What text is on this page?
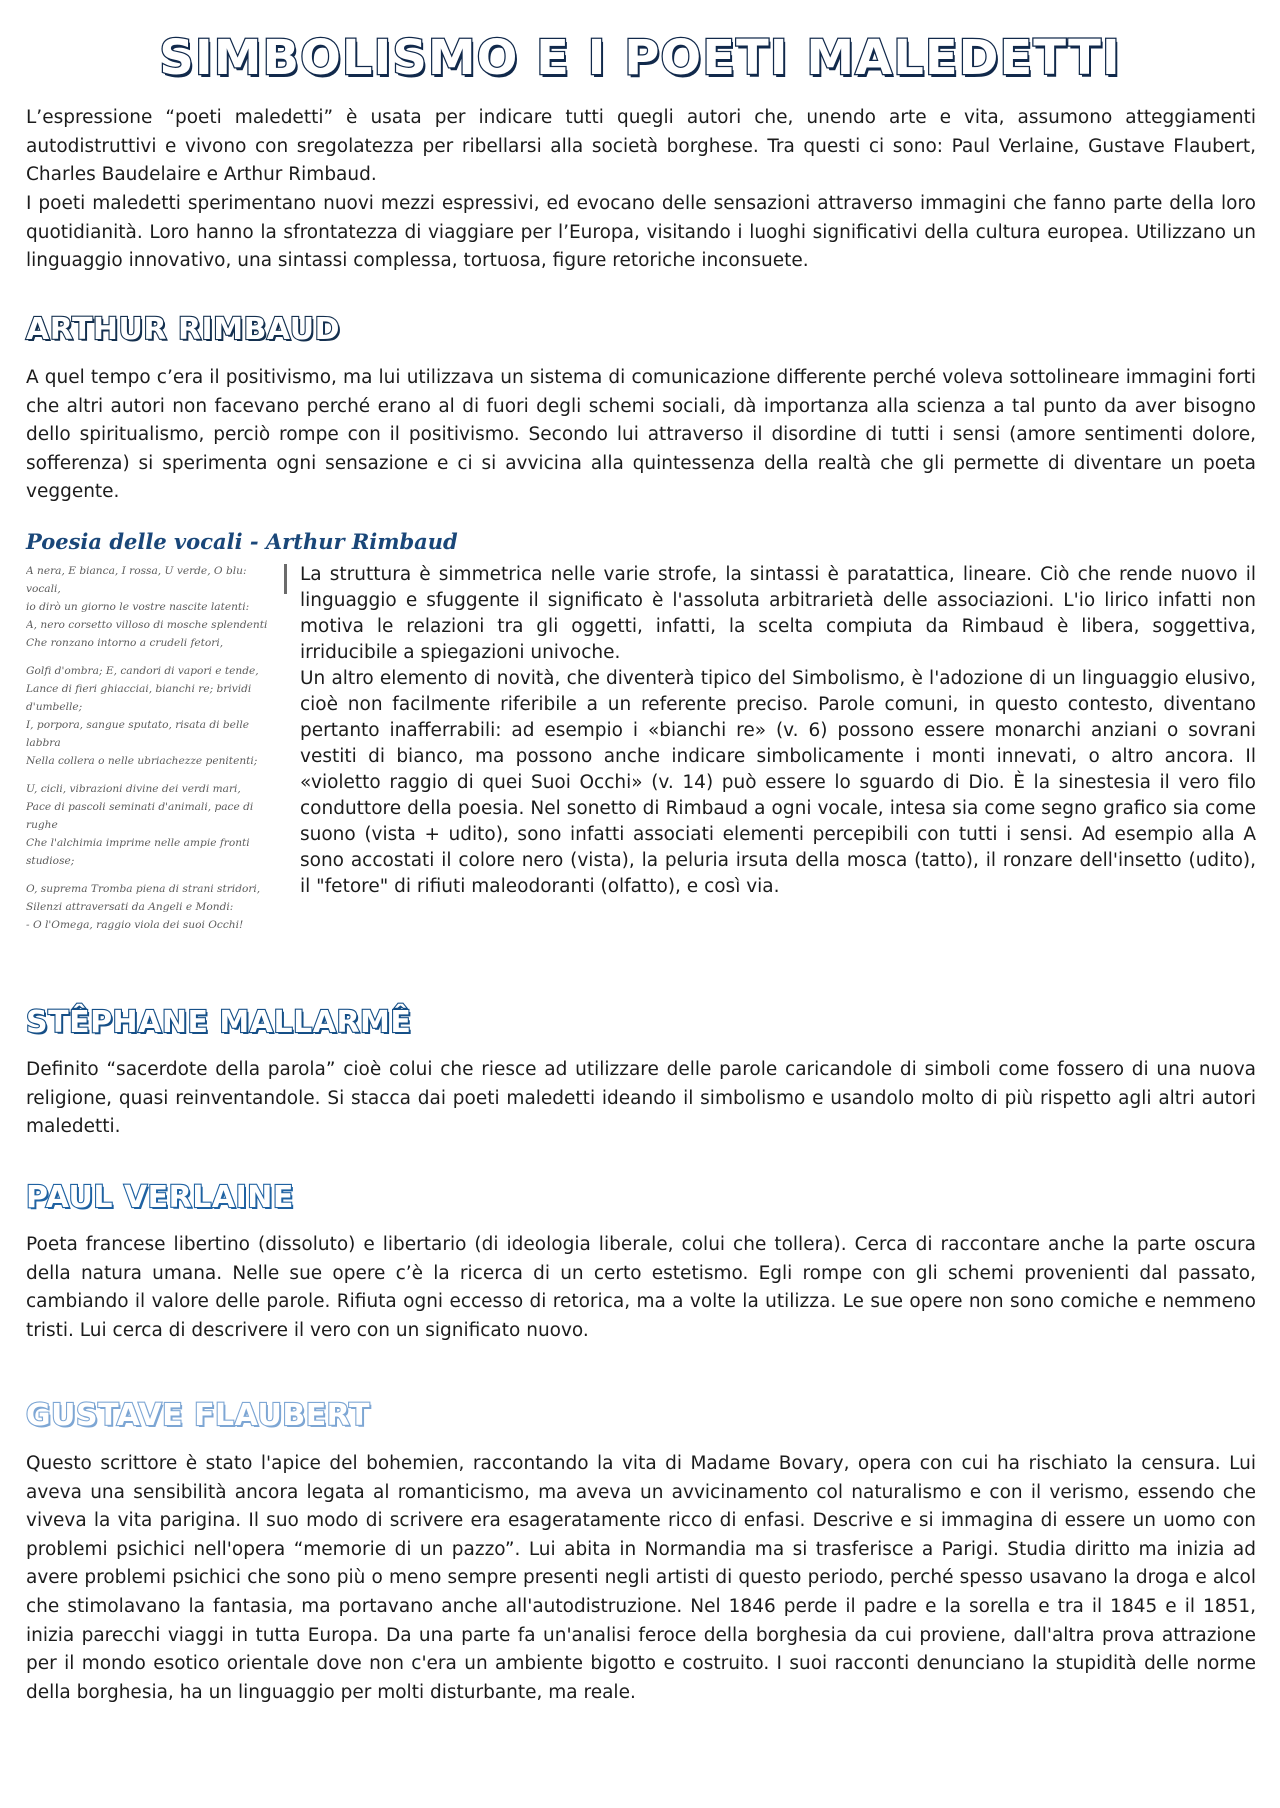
SIMBOLISMO E I POETI MALEDETTI

L’espressione “poeti maledetti” è usata per indicare tutti quegli autori che, unendo arte e vita, assumono atteggiamenti autodistruttivi e vivono con sregolatezza per ribellarsi alla società borghese. Tra questi ci sono: Paul Verlaine, Gustave Flaubert, Charles Baudelaire e Arthur Rimbaud.

I poeti maledetti sperimentano nuovi mezzi espressivi, ed evocano delle sensazioni attraverso immagini che fanno parte della loro quotidianità. Loro hanno la sfrontatezza di viaggiare per l’Europa, visitando i luoghi significativi della cultura europea. Utilizzano un linguaggio innovativo, una sintassi complessa, tortuosa, figure retoriche inconsuete.

ARTHUR RIMBAUD

A quel tempo c’era il positivismo, ma lui utilizzava un sistema di comunicazione differente perché voleva sottolineare immagini forti che altri autori non facevano perché erano al di fuori degli schemi sociali, dà importanza alla scienza a tal punto da aver bisogno dello spiritualismo, perciò rompe con il positivismo. Secondo lui attraverso il disordine di tutti i sensi (amore sentimenti dolore, sofferenza) si sperimenta ogni sensazione e ci si avvicina alla quintessenza della realtà che gli permette di diventare un poeta veggente.

Poesia delle vocali - Arthur Rimbaud
A nera, E bianca, I rossa, U verde, O blu:
vocali,
io dirò un giorno le vostre nascite latenti:
A, nero corsetto villoso di mosche splendenti
Che ronzano intorno a crudeli fetori,
Golfi d'ombra; E, candori di vapori e tende,
Lance di fieri ghiacciai, bianchi re; brividi
d'umbelle;
I, porpora, sangue sputato, risata di belle
labbra
Nella collera o nelle ubriachezze penitenti;
U, cicli, vibrazioni divine dei verdi mari,
Pace di pascoli seminati d'animali, pace di
rughe
Che l'alchimia imprime nelle ampie fronti
studiose;
O, suprema Tromba piena di strani stridori,
Silenzi attraversati da Angeli e Mondi:
- O l'Omega, raggio viola dei suoi Occhi!

La struttura è simmetrica nelle varie strofe, la sintassi è paratattica, lineare. Ciò che rende nuovo il linguaggio e sfuggente il significato è l'assoluta arbitrarietà delle associazioni. L'io lirico infatti non motiva le relazioni tra gli oggetti, infatti, la scelta compiuta da Rimbaud è libera, soggettiva, irriducibile a spiegazioni univoche.

Un altro elemento di novità, che diventerà tipico del Simbolismo, è l'adozione di un linguaggio elusivo, cioè non facilmente riferibile a un referente preciso. Parole comuni, in questo contesto, diventano pertanto inafferrabili: ad esempio i «bianchi re» (v. 6) possono essere monarchi anziani o sovrani vestiti di bianco, ma possono anche indicare simbolicamente i monti innevati, o altro ancora. Il «violetto raggio di quei Suoi Occhi» (v. 14) può essere lo sguardo di Dio. È la sinestesia il vero filo conduttore della poesia. Nel sonetto di Rimbaud a ogni vocale, intesa sia come segno grafico sia come suono (vista + udito), sono infatti associati elementi percepibili con tutti i sensi. Ad esempio alla A sono accostati il colore nero (vista), la peluria irsuta della mosca (tatto), il ronzare dell'insetto (udito), il "fetore" di rifiuti maleodoranti (olfatto), e così via.

STÊPHANE MALLARMÊ

Definito “sacerdote della parola” cioè colui che riesce ad utilizzare delle parole caricandole di simboli come fossero di una nuova religione, quasi reinventandole. Si stacca dai poeti maledetti ideando il simbolismo e usandolo molto di più rispetto agli altri autori maledetti.

PAUL VERLAINE

Poeta francese libertino (dissoluto) e libertario (di ideologia liberale, colui che tollera). Cerca di raccontare anche la parte oscura della natura umana. Nelle sue opere c’è la ricerca di un certo estetismo. Egli rompe con gli schemi provenienti dal passato, cambiando il valore delle parole. Rifiuta ogni eccesso di retorica, ma a volte la utilizza. Le sue opere non sono comiche e nemmeno tristi. Lui cerca di descrivere il vero con un significato nuovo.

GUSTAVE FLAUBERT

Questo scrittore è stato l'apice del bohemien, raccontando la vita di Madame Bovary, opera con cui ha rischiato la censura. Lui aveva una sensibilità ancora legata al romanticismo, ma aveva un avvicinamento col naturalismo e con il verismo, essendo che viveva la vita parigina. Il suo modo di scrivere era esageratamente ricco di enfasi. Descrive e si immagina di essere un uomo con problemi psichici nell'opera “memorie di un pazzo”. Lui abita in Normandia ma si trasferisce a Parigi. Studia diritto ma inizia ad avere problemi psichici che sono più o meno sempre presenti negli artisti di questo periodo, perché spesso usavano la droga e alcol che stimolavano la fantasia, ma portavano anche all'autodistruzione. Nel 1846 perde il padre e la sorella e tra il 1845 e il 1851, inizia parecchi viaggi in tutta Europa. Da una parte fa un'analisi feroce della borghesia da cui proviene, dall'altra prova attrazione per il mondo esotico orientale dove non c'era un ambiente bigotto e costruito. I suoi racconti denunciano la stupidità delle norme della borghesia, ha un linguaggio per molti disturbante, ma reale.
